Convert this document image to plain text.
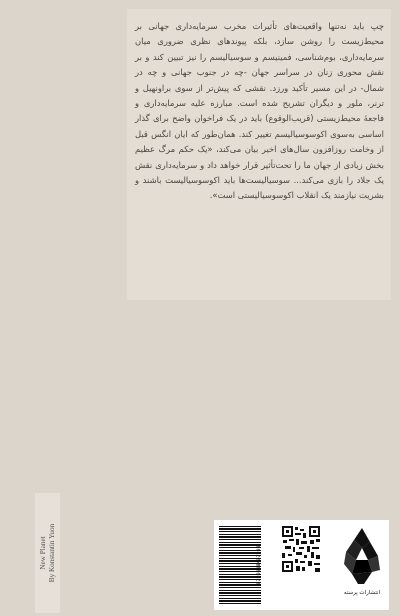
چپ باید نه‌تنها واقعیت‌های تأثیرات مخرب سرمایه‌داری جهانی بر محیط‌زیست را روشن سازد، بلکه پیوندهای نظری ضروری میان سرمایه‌داری، بوم‌شناسی، فمینیسم و سوسیالیسم را نیز تبیین کند و بر نقش محوری زنان در سراسر جهان -چه در جنوب جهانی و چه در شمال- در این مسیر تأکید ورزد. نقشی که پیش‌تر از سوی براونهیل و ترنر، ملور و دیگران تشریح شده است. مبارزه علیه سرمایه‌داری و فاجعهٔ محیط‌زیستی (قریب‌الوقوع) باید در یک فراخوان واضح برای گذار اساسی به‌سوی اکوسوسیالیسم تغییر کند. همان‌طور که ایان انگس قبل از وخامت روزافزون سال‌های اخیر بیان می‌کند، «یک حکم مرگ عظیم بخش زیادی از جهان ما را تحت‌تأثیر قرار خواهد داد و سرمایه‌داری نقش یک جلاد را بازی می‌کند... سوسیالیست‌ها باید اکوسوسیالیست باشند و بشریت نیازمند یک انقلاب اکوسوسیالیستی است».

New Planet By Konstantin Yuon	9786008407998
انتشارات پرسته
